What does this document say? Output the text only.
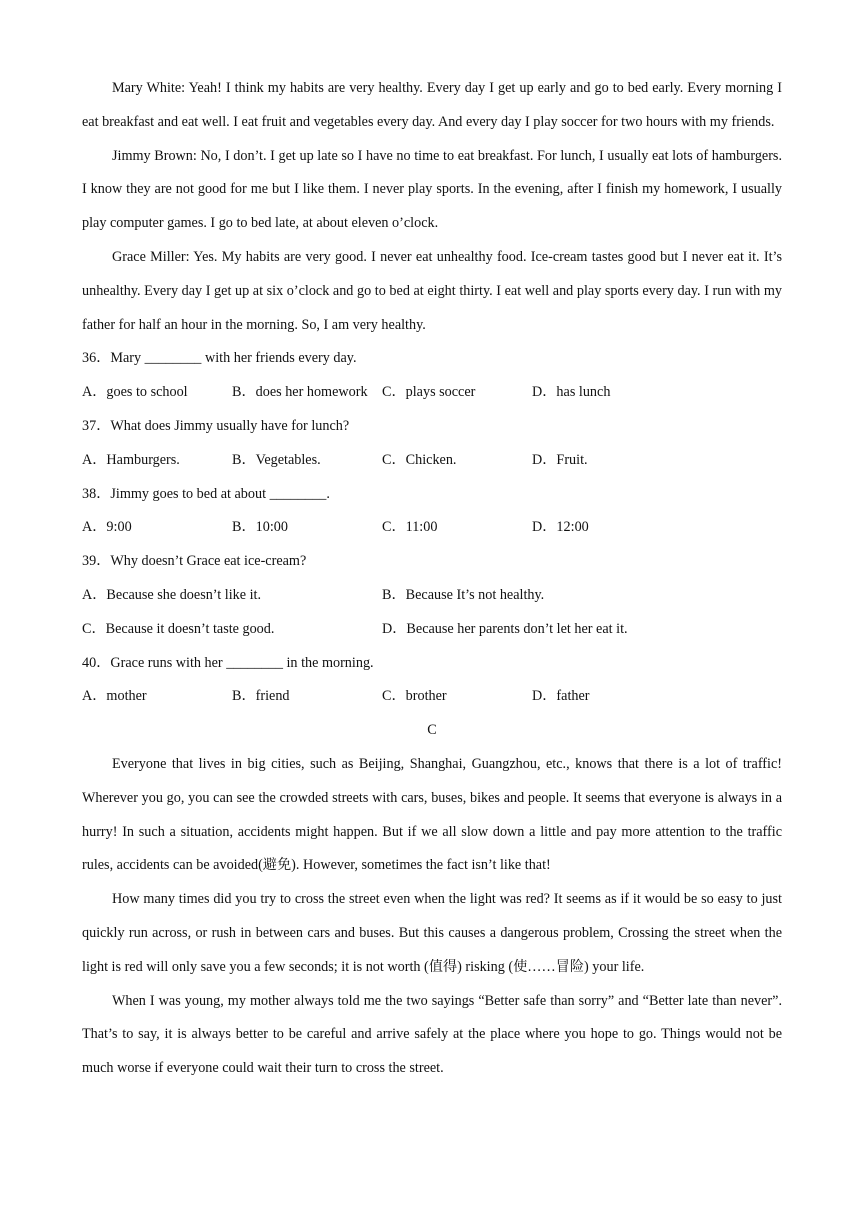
Mary White: Yeah! I think my habits are very healthy. Every day I get up early and go to bed early. Every morning I eat breakfast and eat well. I eat fruit and vegetables every day. And every day I play soccer for two hours with my friends.

Jimmy Brown: No, I don’t. I get up late so I have no time to eat breakfast. For lunch, I usually eat lots of hamburgers. I know they are not good for me but I like them. I never play sports. In the evening, after I finish my homework, I usually play computer games. I go to bed late, at about eleven o’clock.

Grace Miller: Yes. My habits are very good. I never eat unhealthy food. Ice-cream tastes good but I never eat it. It’s unhealthy. Every day I get up at six o’clock and go to bed at eight thirty. I eat well and play sports every day. I run with my father for half an hour in the morning. So, I am very healthy.

36．Mary ________ with her friends every day.

A．goes to school	B．does her homework	C．plays soccer	D．has lunch

37．What does Jimmy usually have for lunch?

A．Hamburgers.	B．Vegetables.	C．Chicken.	D．Fruit.

38．Jimmy goes to bed at about ________.

A．9:00	B．10:00	C．11:00	D．12:00

39．Why doesn’t Grace eat ice-cream?

A．Because she doesn’t like it.	B．Because It’s not healthy.
C．Because it doesn’t taste good.	D．Because her parents don’t let her eat it.

40．Grace runs with her ________ in the morning.

A．mother	B．friend	C．brother	D．father

C

Everyone that lives in big cities, such as Beijing, Shanghai, Guangzhou, etc., knows that there is a lot of traffic! Wherever you go, you can see the crowded streets with cars, buses, bikes and people. It seems that everyone is always in a hurry! In such a situation, accidents might happen. But if we all slow down a little and pay more attention to the traffic rules, accidents can be avoided(避免). However, sometimes the fact isn’t like that!

How many times did you try to cross the street even when the light was red? It seems as if it would be so easy to just quickly run across, or rush in between cars and buses. But this causes a dangerous problem, Crossing the street when the light is red will only save you a few seconds; it is not worth (值得) risking (使……冒险) your life.

When I was young, my mother always told me the two sayings “Better safe than sorry” and “Better late than never”. That’s to say, it is always better to be careful and arrive safely at the place where you hope to go. Things would not be much worse if everyone could wait their turn to cross the street.
